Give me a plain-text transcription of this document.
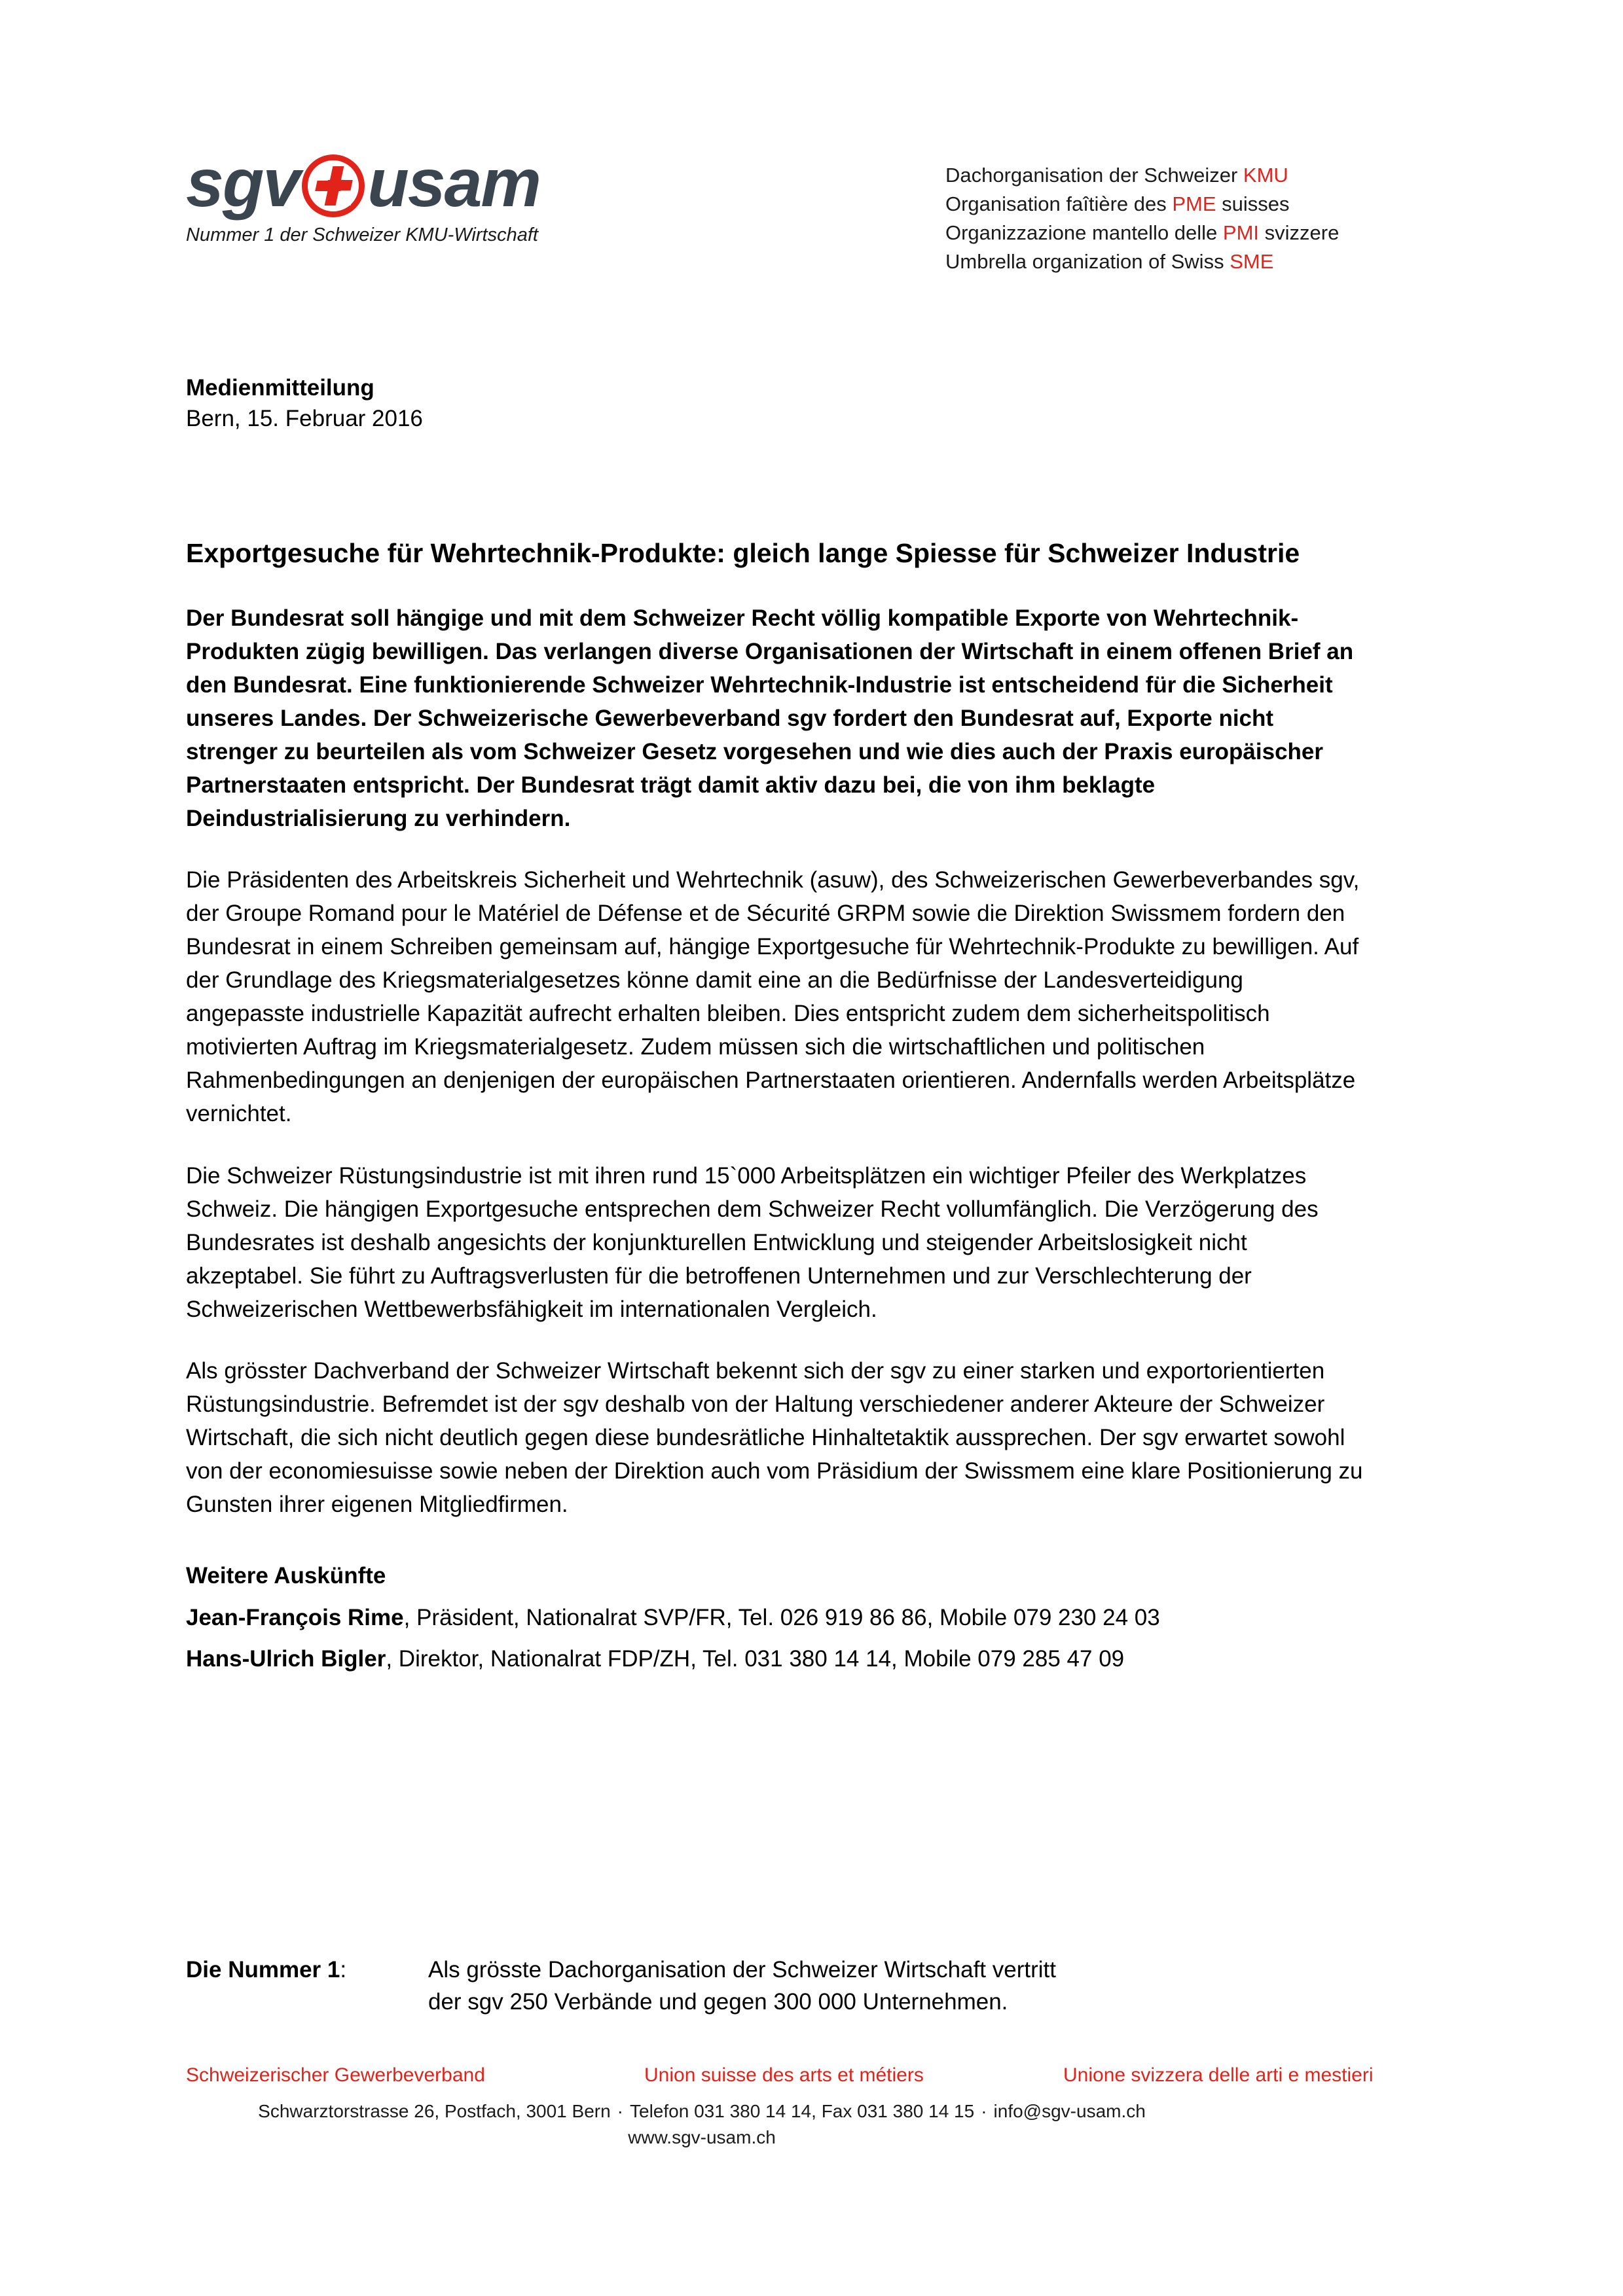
sgv usam
Nummer 1 der Schweizer KMU-Wirtschaft
Dachorganisation der Schweizer KMU
Organisation faîtière des PME suisses
Organizzazione mantello delle PMI svizzere
Umbrella organization of Swiss SME
Medienmitteilung
Bern, 15. Februar 2016
Exportgesuche für Wehrtechnik-Produkte: gleich lange Spiesse für Schweizer Industrie

Der Bundesrat soll hängige und mit dem Schweizer Recht völlig kompatible Exporte von Wehrtechnik-Produkten zügig bewilligen. Das verlangen diverse Organisationen der Wirtschaft in einem offenen Brief an den Bundesrat. Eine funktionierende Schweizer Wehrtechnik-Industrie ist entscheidend für die Sicherheit unseres Landes. Der Schweizerische Gewerbeverband sgv fordert den Bundesrat auf, Exporte nicht strenger zu beurteilen als vom Schweizer Gesetz vorgesehen und wie dies auch der Praxis europäischer Partnerstaaten entspricht. Der Bundesrat trägt damit aktiv dazu bei, die von ihm beklagte Deindustrialisierung zu verhindern.

Die Präsidenten des Arbeitskreis Sicherheit und Wehrtechnik (asuw), des Schweizerischen Gewerbeverbandes sgv, der Groupe Romand pour le Matériel de Défense et de Sécurité GRPM sowie die Direktion Swissmem fordern den Bundesrat in einem Schreiben gemeinsam auf, hängige Exportgesuche für Wehrtechnik-Produkte zu bewilligen. Auf der Grundlage des Kriegsmaterialgesetzes könne damit eine an die Bedürfnisse der Landesverteidigung angepasste industrielle Kapazität aufrecht erhalten bleiben. Dies entspricht zudem dem sicherheitspolitisch motivierten Auftrag im Kriegsmaterialgesetz. Zudem müssen sich die wirtschaftlichen und politischen Rahmenbedingungen an denjenigen der europäischen Partnerstaaten orientieren. Andernfalls werden Arbeitsplätze vernichtet.

Die Schweizer Rüstungsindustrie ist mit ihren rund 15`000 Arbeitsplätzen ein wichtiger Pfeiler des Werkplatzes Schweiz. Die hängigen Exportgesuche entsprechen dem Schweizer Recht vollumfänglich. Die Verzögerung des Bundesrates ist deshalb angesichts der konjunkturellen Entwicklung und steigender Arbeitslosigkeit nicht akzeptabel. Sie führt zu Auftragsverlusten für die betroffenen Unternehmen und zur Verschlechterung der Schweizerischen Wettbewerbsfähigkeit im internationalen Vergleich.

Als grösster Dachverband der Schweizer Wirtschaft bekennt sich der sgv zu einer starken und exportorientierten Rüstungsindustrie. Befremdet ist der sgv deshalb von der Haltung verschiedener anderer Akteure der Schweizer Wirtschaft, die sich nicht deutlich gegen diese bundesrätliche Hinhaltetaktik aussprechen. Der sgv erwartet sowohl von der economiesuisse sowie neben der Direktion auch vom Präsidium der Swissmem eine klare Positionierung zu Gunsten ihrer eigenen Mitgliedfirmen.

Weitere Auskünfte
Jean-François Rime, Präsident, Nationalrat SVP/FR, Tel. 026 919 86 86, Mobile 079 230 24 03
Hans-Ulrich Bigler, Direktor, Nationalrat FDP/ZH, Tel. 031 380 14 14, Mobile 079 285 47 09
Die Nummer 1:	Als grösste Dachorganisation der Schweizer Wirtschaft vertritt
der sgv 250 Verbände und gegen 300 000 Unternehmen.
Schweizerischer Gewerbeverband	Union suisse des arts et métiers	Unione svizzera delle arti e mestieri
Schwarztorstrasse 26, Postfach, 3001 Bern · Telefon 031 380 14 14, Fax 031 380 14 15 · info@sgv-usam.ch
www.sgv-usam.ch
